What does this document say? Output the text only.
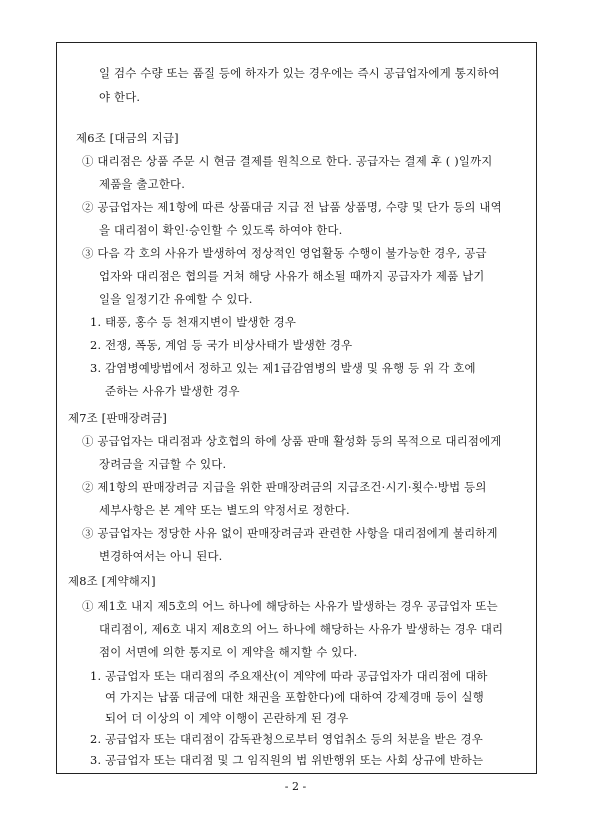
일 검수 수량 또는 품질 등에 하자가 있는 경우에는 즉시 공급업자에게 통지하여
야 한다.
제6조 [대금의 지급]
① 대리점은 상품 주문 시 현금 결제를 원칙으로 한다. 공급자는 결제 후 ( )일까지
제품을 출고한다.
② 공급업자는 제1항에 따른 상품대금 지급 전 납품 상품명, 수량 및 단가 등의 내역
을 대리점이 확인·승인할 수 있도록 하여야 한다.
③ 다음 각 호의 사유가 발생하여 정상적인 영업활동 수행이 불가능한 경우, 공급
업자와 대리점은 협의를 거쳐 해당 사유가 해소될 때까지 공급자가 제품 납기
일을 일정기간 유예할 수 있다.
1. 태풍, 홍수 등 천재지변이 발생한 경우
2. 전쟁, 폭동, 계엄 등 국가 비상사태가 발생한 경우
3. 감염병예방법에서 정하고 있는 제1급감염병의 발생 및 유행 등 위 각 호에
준하는 사유가 발생한 경우
제7조 [판매장려금]
① 공급업자는 대리점과 상호협의 하에 상품 판매 활성화 등의 목적으로 대리점에게
장려금을 지급할 수 있다.
② 제1항의 판매장려금 지급을 위한 판매장려금의 지급조건·시기·횟수·방법 등의
세부사항은 본 계약 또는 별도의 약정서로 정한다.
③ 공급업자는 정당한 사유 없이 판매장려금과 관련한 사항을 대리점에게 불리하게
변경하여서는 아니 된다.
제8조 [계약해지]
① 제1호 내지 제5호의 어느 하나에 해당하는 사유가 발생하는 경우 공급업자 또는
대리점이, 제6호 내지 제8호의 어느 하나에 해당하는 사유가 발생하는 경우 대리
점이 서면에 의한 통지로 이 계약을 해지할 수 있다.
1. 공급업자 또는 대리점의 주요재산(이 계약에 따라 공급업자가 대리점에 대하
여 가지는 납품 대금에 대한 채권을 포함한다)에 대하여 강제경매 등이 실행
되어 더 이상의 이 계약 이행이 곤란하게 된 경우
2. 공급업자 또는 대리점이 감독관청으로부터 영업취소 등의 처분을 받은 경우
3. 공급업자 또는 대리점 및 그 임직원의 법 위반행위 또는 사회 상규에 반하는
- 2 -
